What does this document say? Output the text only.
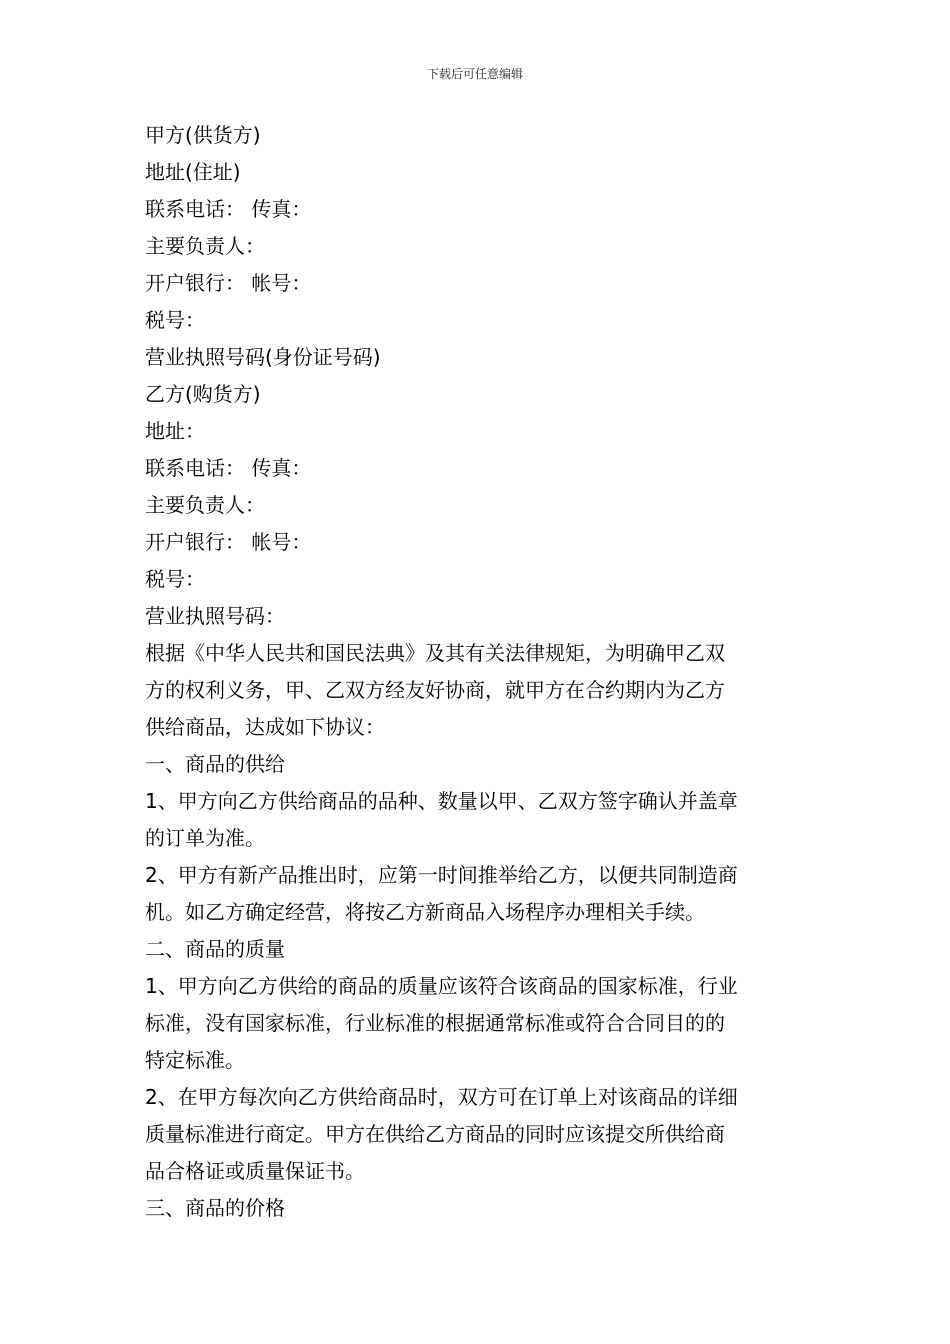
下载后可任意编辑
甲方(供货方)
地址(住址)
联系电话： 传真：
主要负责人：
开户银行： 帐号：
税号：
营业执照号码(身份证号码)
乙方(购货方)
地址：
联系电话： 传真：
主要负责人：
开户银行： 帐号：
税号：
营业执照号码：
根据《中华人民共和国民法典》及其有关法律规矩，为明确甲乙双
方的权利义务，甲、乙双方经友好协商，就甲方在合约期内为乙方
供给商品，达成如下协议：
一、商品的供给
1、甲方向乙方供给商品的品种、数量以甲、乙双方签字确认并盖章
的订单为准。
2、甲方有新产品推出时，应第一时间推举给乙方，以便共同制造商
机。如乙方确定经营，将按乙方新商品入场程序办理相关手续。
二、商品的质量
1、甲方向乙方供给的商品的质量应该符合该商品的国家标准，行业
标准，没有国家标准，行业标准的根据通常标准或符合合同目的的
特定标准。
2、在甲方每次向乙方供给商品时，双方可在订单上对该商品的详细
质量标准进行商定。甲方在供给乙方商品的同时应该提交所供给商
品合格证或质量保证书。
三、商品的价格
